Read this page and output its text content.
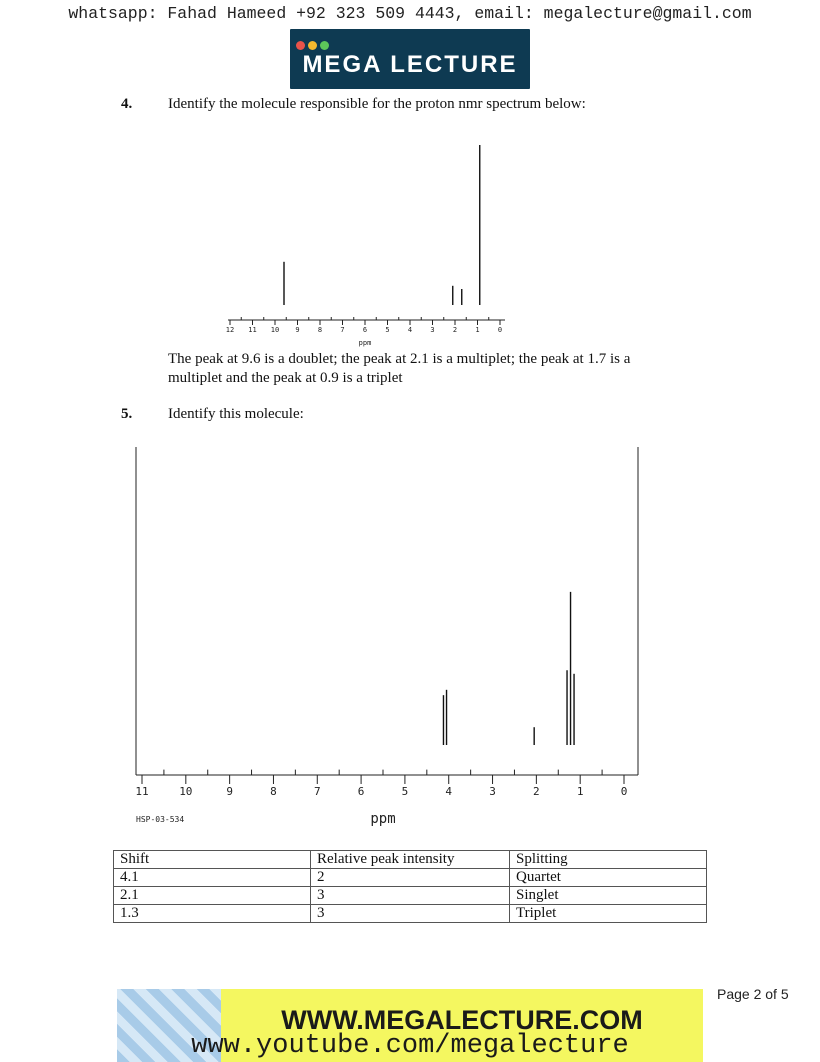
whatsapp: Fahad Hameed +92 323 509 4443, email: megalecture@gmail.com
MEGA LECTURE
4. Identify the molecule responsible for the proton nmr spectrum below:
12 11 10 9	8	7	6	5	4	3	2	1	0
ppm
The peak at 9.6 is a doublet; the peak at 2.1 is a multiplet; the peak at 1.7 is a multiplet and the peak at 0.9 is a triplet
5. Identify this molecule:
11	10	9	8	7	6	5	4	3	2	1	0
ppm
HSP-03-534
Shift	Relative peak intensity	Splitting
4.1	2	Quartet
2.1	3	Singlet
1.3	3	Triplet
Page 2 of 5
WWW.MEGALECTURE.COM
www.youtube.com/megalecture
